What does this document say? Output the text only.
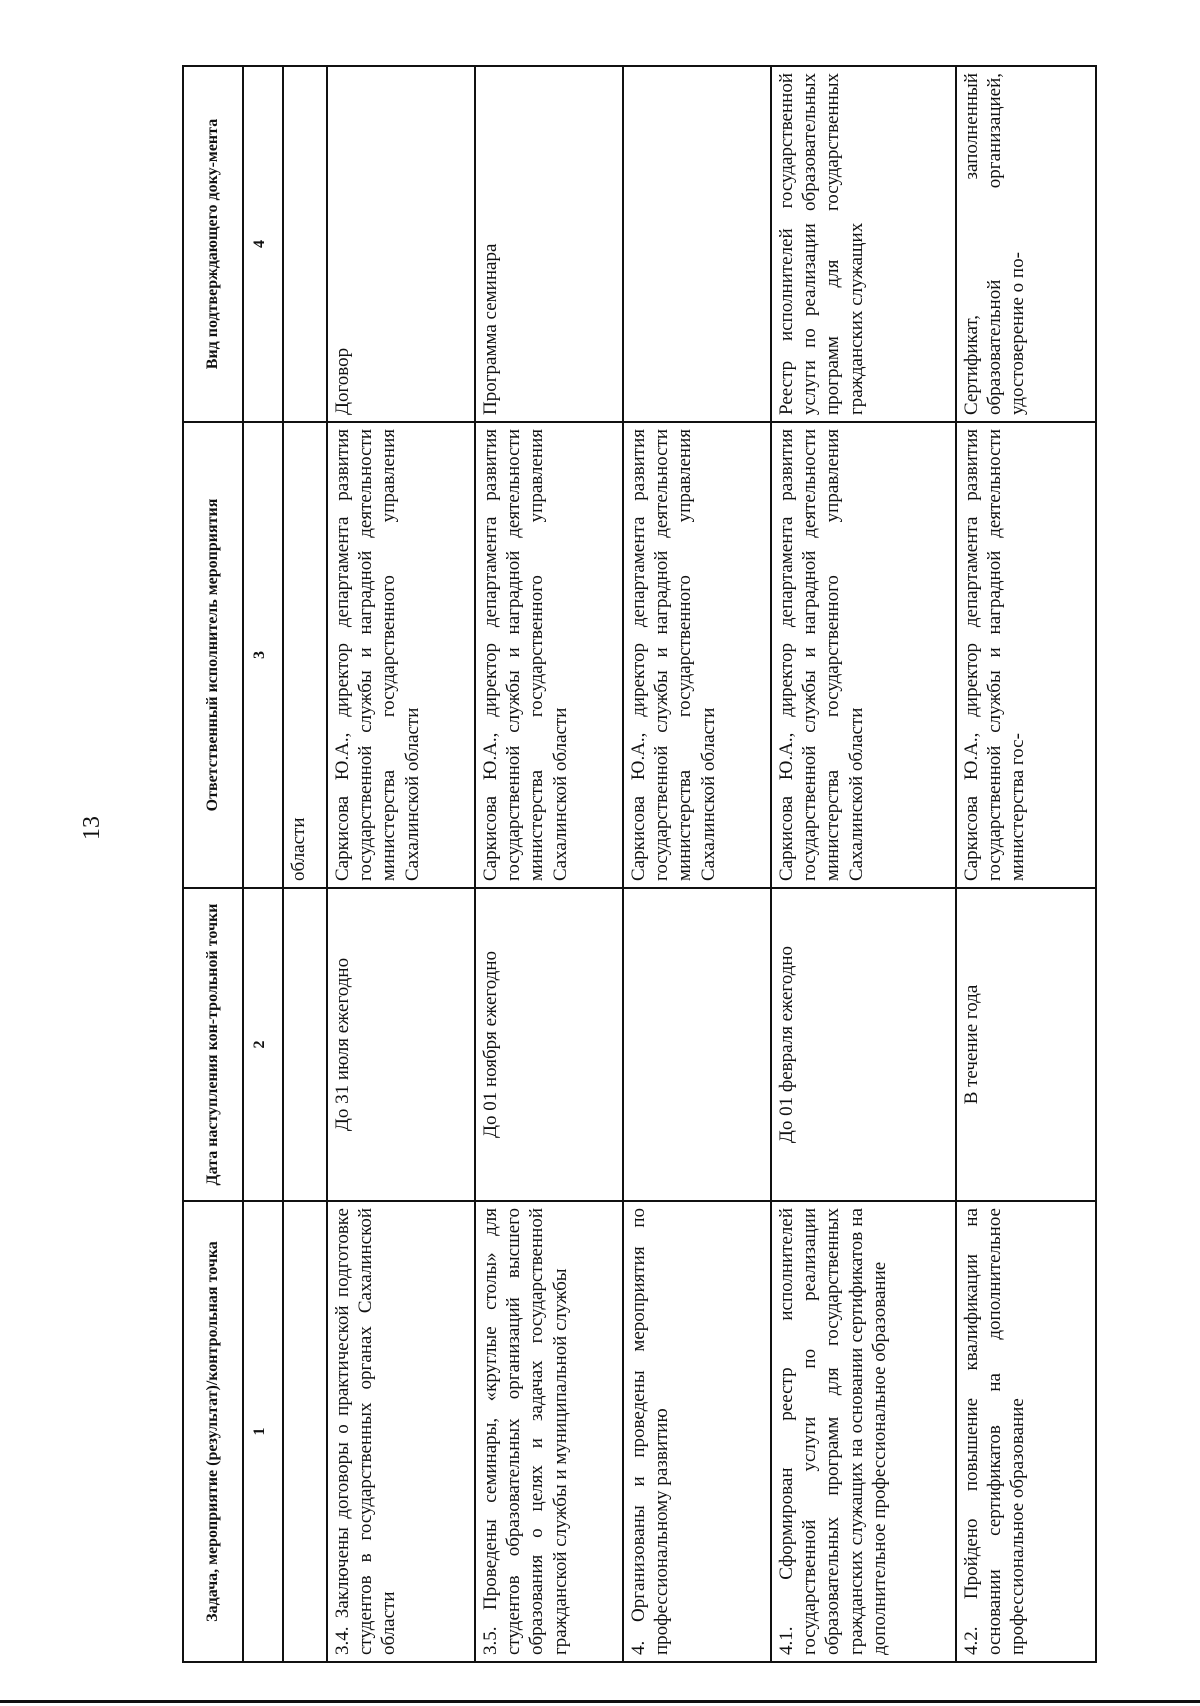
13
Задача, мероприятие (результат)/контрольная точка	Дата наступления кон-трольной точки	Ответственный исполнитель мероприятия	Вид подтверждающего доку-мента
1	2	3	4
		области	
3.4. Заключены договоры о практической подготовке студентов в государственных органах Сахалинской области	До 31 июля ежегодно	Саркисова Ю.А., директор департамента развития государственной службы и наградной деятельности министерства государственного управления Сахалинской области	Договор
3.5. Проведены семинары, «круглые столы» для студентов образовательных организаций высшего образования о целях и задачах государственной гражданской службы и муниципальной службы	До 01 ноября ежегодно	Саркисова Ю.А., директор департамента развития государственной службы и наградной деятельности министерства государственного управления Сахалинской области	Программа семинара
4. Организованы и проведены мероприятия по профессиональному развитию		Саркисова Ю.А., директор департамента развития государственной службы и наградной деятельности министерства государственного управления Сахалинской области	
4.1. Сформирован реестр исполнителей государственной услуги по реализации образовательных программ для государственных гражданских служащих на основании сертификатов на дополнительное профессиональное образование	До 01 февраля ежегодно	Саркисова Ю.А., директор департамента развития государственной службы и наградной деятельности министерства государственного управления Сахалинской области	Реестр исполнителей государственной услуги по реализации образовательных программ для государственных гражданских служащих
4.2. Пройдено повышение квалификации на основании сертификатов на дополнительное профессиональное образование	В течение года	Саркисова Ю.А., директор департамента развития государственной службы и наградной деятельности министерства гос-	Сертификат, заполненный образовательной организацией, удостоверение о по-
